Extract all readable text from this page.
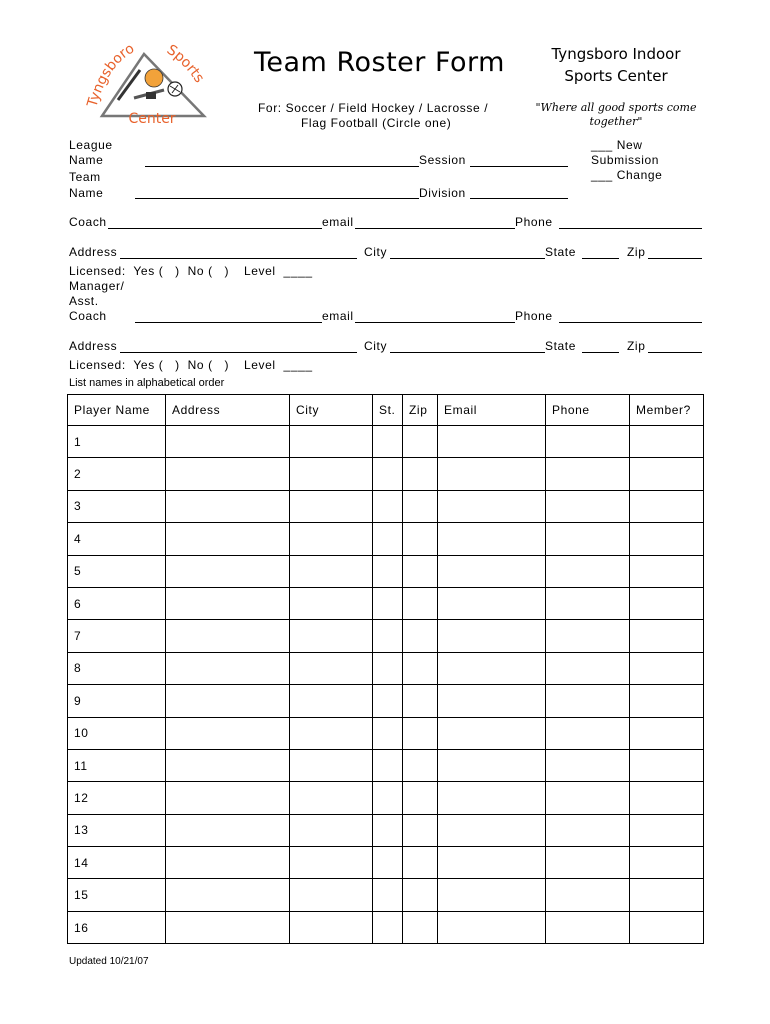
Tyngsboro Sports
Center
Team Roster Form
For: Soccer / Field Hockey / Lacrosse /
Flag Football (Circle one)
Tyngsboro Indoor
Sports Center
"Where all good sports come
together"
League
Name	Session
Team
Name	Division
___ New
Submission
___ Change
Coach	email	Phone
Address	City	State	Zip
Licensed:  Yes (   )  No (   ) Level  ____
Manager/
Asst.
Coach	email	Phone
Address	City	State	Zip
Licensed:  Yes (   )  No (   ) Level  ____
List names in alphabetical order
Player Name	Address	City	St.	Zip	Email	Phone	Member?
1							
2							
3							
4							
5							
6							
7							
8							
9							
10							
11							
12							
13							
14							
15							
16							
Updated 10/21/07
